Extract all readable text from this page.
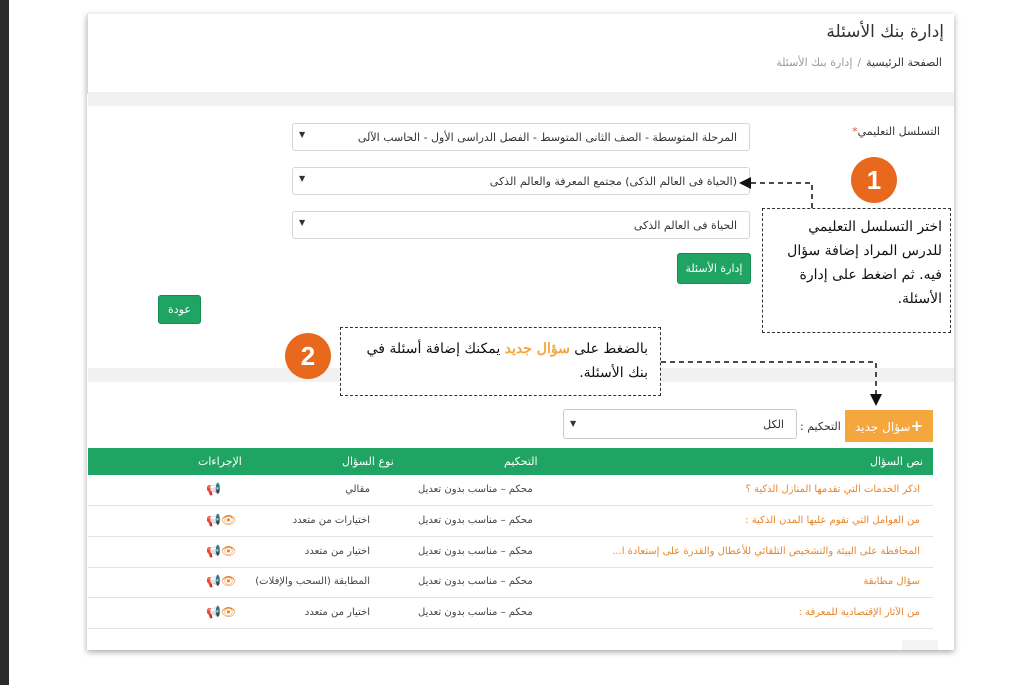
إدارة بنك الأسئلة
الصفحة الرئيسية/إدارة بنك الأسئلة
التسلسل التعليمي*
المرحلة المتوسطة - الصف الثانى المتوسط - الفصل الدراسى الأول - الحاسب الآلى
▼
(الحياة فى العالم الذكى) مجتمع المعرفة والعالم الذكى
▼
الحياة فى العالم الذكى
▼
إدارة الأسئلة
عودة
1
اختر التسلسل التعليمي للدرس المراد إضافة سؤال فيه. ثم اضغط على إدارة الأسئلة.
2	بالضغط على سؤال جديد يمكنك إضافة أسئلة في بنك الأسئلة.
+سؤال جديد
التحكيم :
الكل
▼
نص السؤال
التحكيم
نوع السؤال
الإجراءات
اذكر الخدمات التي تقدمها المنازل الذكية ؟
محكم – مناسب بدون تعديل
مقالي
📢
من العوامل التي تقوم عليها المدن الذكية :
محكم – مناسب بدون تعديل
اختيارات من متعدد
👁📢
المحافظة على البيئة والتشخيص التلقائي للأعطال والقدرة على إستعادة ا...
محكم – مناسب بدون تعديل
اختيار من متعدد
👁📢
سؤال مطابقة
محكم – مناسب بدون تعديل
المطابقة (السحب والإفلات)
👁📢
من الآثار الإقتصادية للمعرفة :
محكم – مناسب بدون تعديل
اختيار من متعدد
👁📢
